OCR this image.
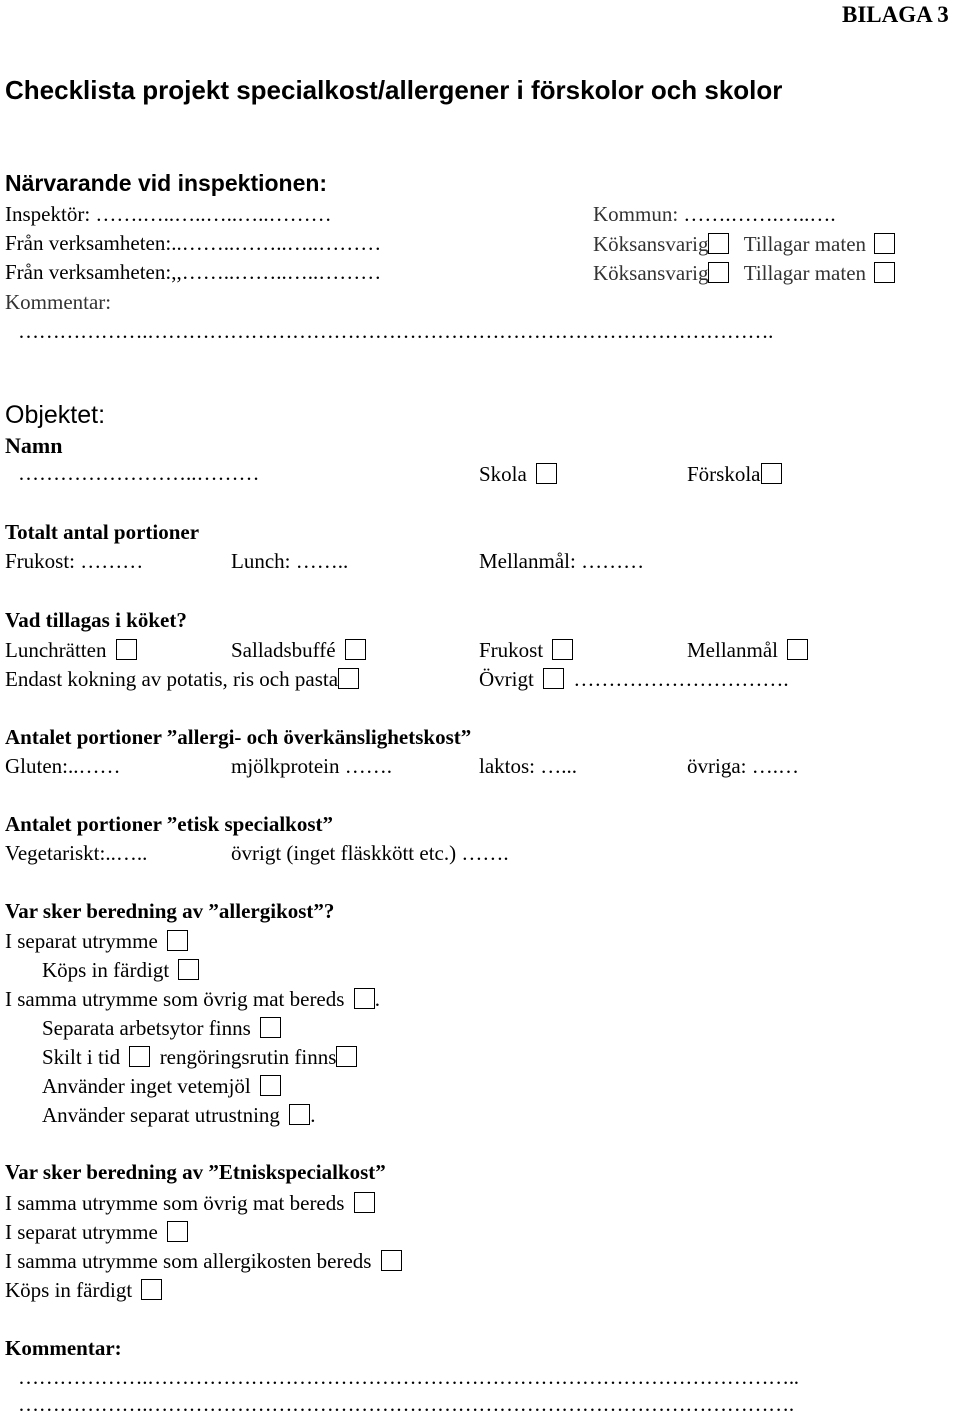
BILAGA 3
Checklista projekt specialkost/allergener i förskolor och skolor
Närvarande vid inspektionen:
Inspektör: …….…..…..…..…..………	Kommun: …….…….…..….
Från verksamheten:..……..……..…..………	Köksansvarig Tillagar maten
Från verksamheten:,,……..……..…..………	Köksansvarig Tillagar maten
Kommentar:
……………….……………………………………………………………………………….
Objektet:
Namn
……………………..………	Skola	Förskola
Totalt antal portioner
Frukost: ………	Lunch: ……..	Mellanmål: ………
Vad tillagas i köket?
Lunchrätten	Salladsbuffé	Frukost	Mellanmål
Endast kokning av potatis, ris och pasta	Övrigt ………………………….
Antalet portioner ”allergi- och överkänslighetskost”
Gluten:..……	mjölkprotein …….	laktos: …...	övriga: ….…
Antalet portioner ”etisk specialkost”
Vegetariskt:..…..	övrigt (inget fläskkött etc.) …….
Var sker beredning av ”allergikost”?
I separat utrymme
Köps in färdigt
I samma utrymme som övrig mat bereds .
Separata arbetsytor finns
Skilt i tid rengöringsrutin finns
Använder inget vetemjöl
Använder separat utrustning .
Var sker beredning av ”Etniskspecialkost”
I samma utrymme som övrig mat bereds
I separat utrymme
I samma utrymme som allergikosten bereds
Köps in färdigt
Kommentar:
……………….…………………………………………………………………………………..
……………….………………………………………………………………………………….
